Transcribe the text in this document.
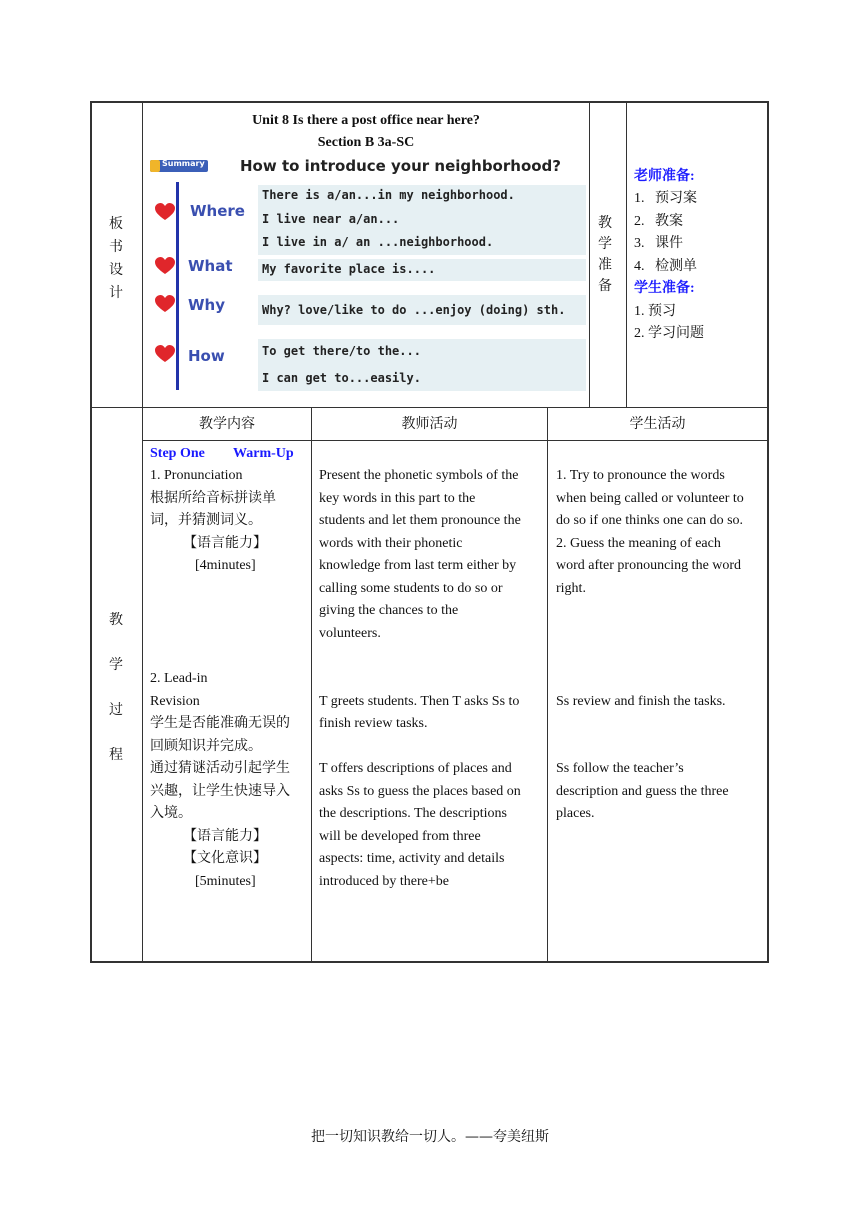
板
书
设
计
教
学
过
程
Unit 8 Is there a post office near here?
Section B 3a-SC
Summary How to introduce your neighborhood?
Where
What
Why
How
There is a/an...in my neighborhood.
I live near a/an...
I live in a/ an ...neighborhood.
My favorite place is....
Why? love/like to do ...enjoy (doing) sth.
To get there/to the...
I can get to...easily.
教
学
准
备
老师准备:
1.   预习案
2.   教案
3.   课件
4.   检测单
学生准备:
1. 预习
2. 学习问题
教学内容	教师活动	学生活动
Step One Warm-Up
1. Pronunciation
根据所给音标拼读单
词，并猜测词义。
【语言能力】
[4minutes]
2. Lead-in
Revision
学生是否能准确无误的
回顾知识并完成。
通过猜谜活动引起学生
兴趣，让学生快速导入
入境。
【语言能力】
【文化意识】
[5minutes]
Present the phonetic symbols of the
key words in this part to the
students and let them pronounce the
words with their phonetic
knowledge from last term either by
calling some students to do so or
giving the chances to the
volunteers.
T greets students. Then T asks Ss to
finish review tasks.
T offers descriptions of places and
asks Ss to guess the places based on
the descriptions. The descriptions
will be developed from three
aspects: time, activity and details
introduced by there+be
1. Try to pronounce the words
when being called or volunteer to
do so if one thinks one can do so.
2. Guess the meaning of each
word after pronouncing the word
right.
Ss review and finish the tasks.
Ss follow the teacher’s
description and guess the three
places.
把一切知识教给一切人。——夸美纽斯
